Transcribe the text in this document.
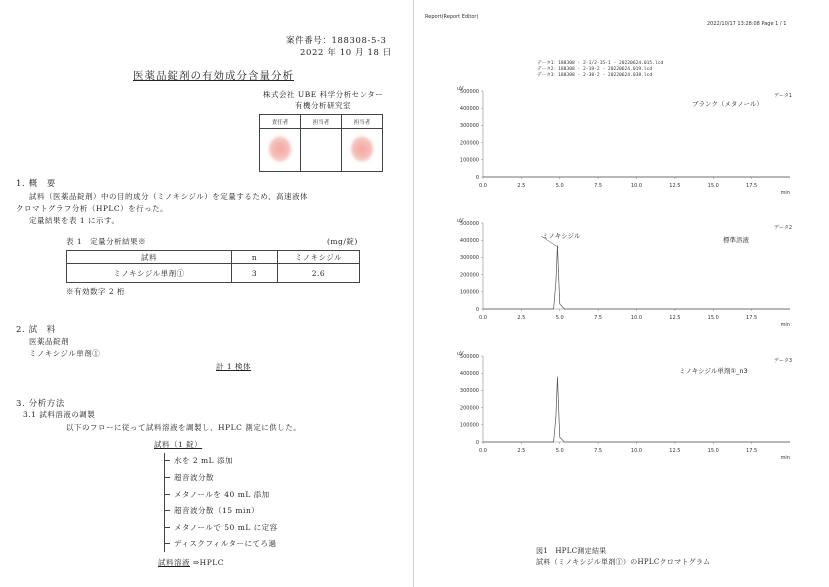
案件番号：188308-5-3
2022 年 10 月 18 日
医薬品錠剤の有効成分含量分析
株式会社 UBE 科学分析センター
有機分析研究室
責任者	担当者	担当者

1. 概　要
試料（医薬品錠剤）中の目的成分（ミノキシジル）を定量するため、高速液体
クロマトグラフ分析（HPLC）を行った。
定量結果を表 1 に示す。
表 1　定量分析結果※	(mg/錠)
試料	n	ミノキシジル
ミノキシジル単剤①	3	2.6
※有効数字 2 桁
2. 試　料
医薬品錠剤
ミノキシジル単剤①
計 1 検体
3. 分析方法
3.1 試料溶液の調製
以下のフローに従って試料溶液を調製し、HPLC 測定に供した。
試料（1 錠）
水を 2 mL 添加
超音波分散
メタノールを 40 mL 添加
超音波分散（15 min）
メタノールで 50 mL に定容
ディスクフィルターにてろ過
試料溶液 ⇒HPLC
Report(Report Editor)
2022/10/17 13:28:08 Page 1 / 1
データ1：188308 - 2-1/2-15-1 - 20220624.015.lcd
データ2：188308 - 2-19-2 - 20220624.019.lcd
データ3：188308 - 2-38-2 - 20220624.038.lcd
0
100000
200000
300000
400000
500000
0.0	2.5	5.0	7.5	10.0	12.5	15.0	17.5
uV
min
データ1
ブランク（メタノール）
0
100000
200000
300000
400000
500000
0.0	2.5	5.0	7.5	10.0	12.5	15.0	17.5
uV
min
データ2
ミノキシジル	標準溶液
0
100000
200000
300000
400000
500000
0.0	2.5	5.0	7.5	10.0	12.5	15.0	17.5
uV
min
データ3
ミノキシジル単剤①_n3
図1　HPLC測定結果
試料（ミノキシジル単剤①）のHPLCクロマトグラム
